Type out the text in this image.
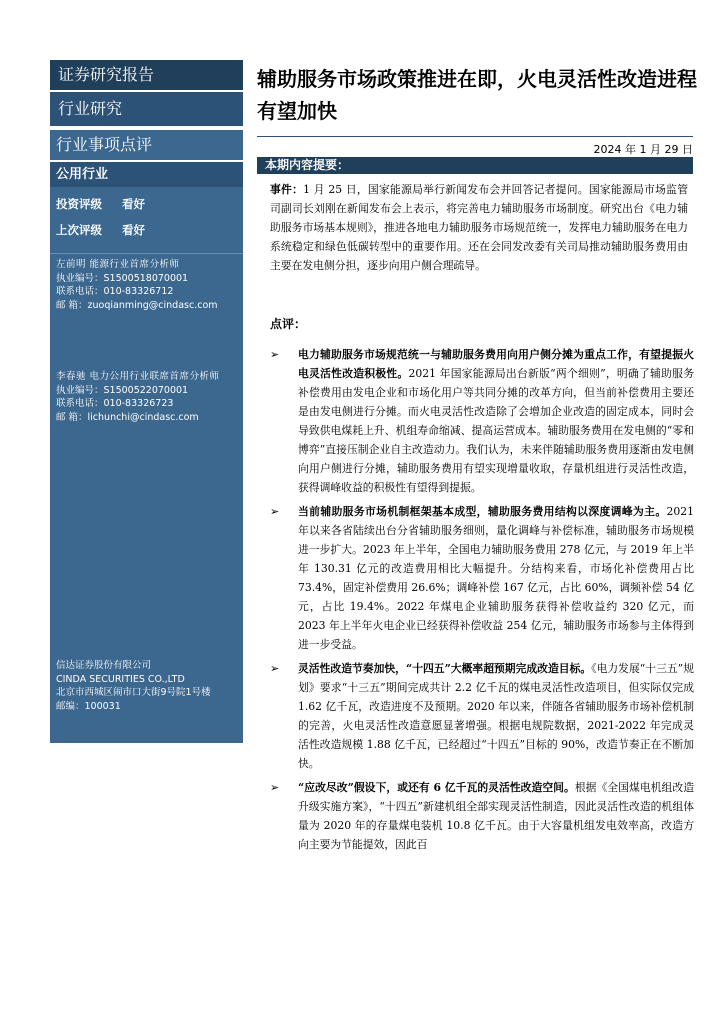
证券研究报告
行业研究
行业事项点评
公用行业
投资评级 看好
上次评级 看好
左前明 能源行业首席分析师
执业编号：S1500518070001
联系电话：010-83326712
邮 箱：zuoqianming@cindasc.com
李春驰 电力公用行业联席首席分析师
执业编号：S1500522070001
联系电话：010-83326723
邮 箱：lichunchi@cindasc.com
信达证券股份有限公司
CINDA SECURITIES CO.,LTD
北京市西城区闹市口大街9号院1号楼
邮编：100031
辅助服务市场政策推进在即，火电灵活性改造进程有望加快
2024 年 1 月 29 日
本期内容提要：
事件：1 月 25 日，国家能源局举行新闻发布会并回答记者提问。国家能源局市场监管司副司长刘刚在新闻发布会上表示，将完善电力辅助服务市场制度。研究出台《电力辅助服务市场基本规则》，推进各地电力辅助服务市场规范统一，发挥电力辅助服务在电力系统稳定和绿色低碳转型中的重要作用。还在会同发改委有关司局推动辅助服务费用由主要在发电侧分担，逐步向用户侧合理疏导。
点评：
➢ 电力辅助服务市场规范统一与辅助服务费用向用户侧分摊为重点工作，有望提振火电灵活性改造积极性。2021 年国家能源局出台新版“两个细则”，明确了辅助服务补偿费用由发电企业和市场化用户等共同分摊的改革方向，但当前补偿费用主要还是由发电侧进行分摊。而火电灵活性改造除了会增加企业改造的固定成本，同时会导致供电煤耗上升、机组寿命缩减、提高运营成本。辅助服务费用在发电侧的“零和博弈”直接压制企业自主改造动力。我们认为，未来伴随辅助服务费用逐渐由发电侧向用户侧进行分摊，辅助服务费用有望实现增量收取，存量机组进行灵活性改造，获得调峰收益的积极性有望得到提振。
➢ 当前辅助服务市场机制框架基本成型，辅助服务费用结构以深度调峰为主。2021 年以来各省陆续出台分省辅助服务细则，量化调峰与补偿标准，辅助服务市场规模进一步扩大。2023 年上半年，全国电力辅助服务费用 278 亿元，与 2019 年上半年 130.31 亿元的改造费用相比大幅提升。分结构来看，市场化补偿费用占比 73.4%，固定补偿费用 26.6%；调峰补偿 167 亿元，占比 60%，调频补偿 54 亿元，占比 19.4%。2022 年煤电企业辅助服务获得补偿收益约 320 亿元，而 2023 年上半年火电企业已经获得补偿收益 254 亿元，辅助服务市场参与主体得到进一步受益。
➢ 灵活性改造节奏加快，“十四五”大概率超预期完成改造目标。《电力发展“十三五”规划》要求“十三五”期间完成共计 2.2 亿千瓦的煤电灵活性改造项目，但实际仅完成 1.62 亿千瓦，改造进度不及预期。2020 年以来，伴随各省辅助服务市场补偿机制的完善，火电灵活性改造意愿显著增强。根据电规院数据，2021-2022 年完成灵活性改造规模 1.88 亿千瓦，已经超过“十四五”目标的 90%，改造节奏正在不断加快。
➢ “应改尽改”假设下，或还有 6 亿千瓦的灵活性改造空间。根据《全国煤电机组改造升级实施方案》，“十四五”新建机组全部实现灵活性制造，因此灵活性改造的机组体量为 2020 年的存量煤电装机 10.8 亿千瓦。由于大容量机组发电效率高，改造方向主要为节能提效，因此百
